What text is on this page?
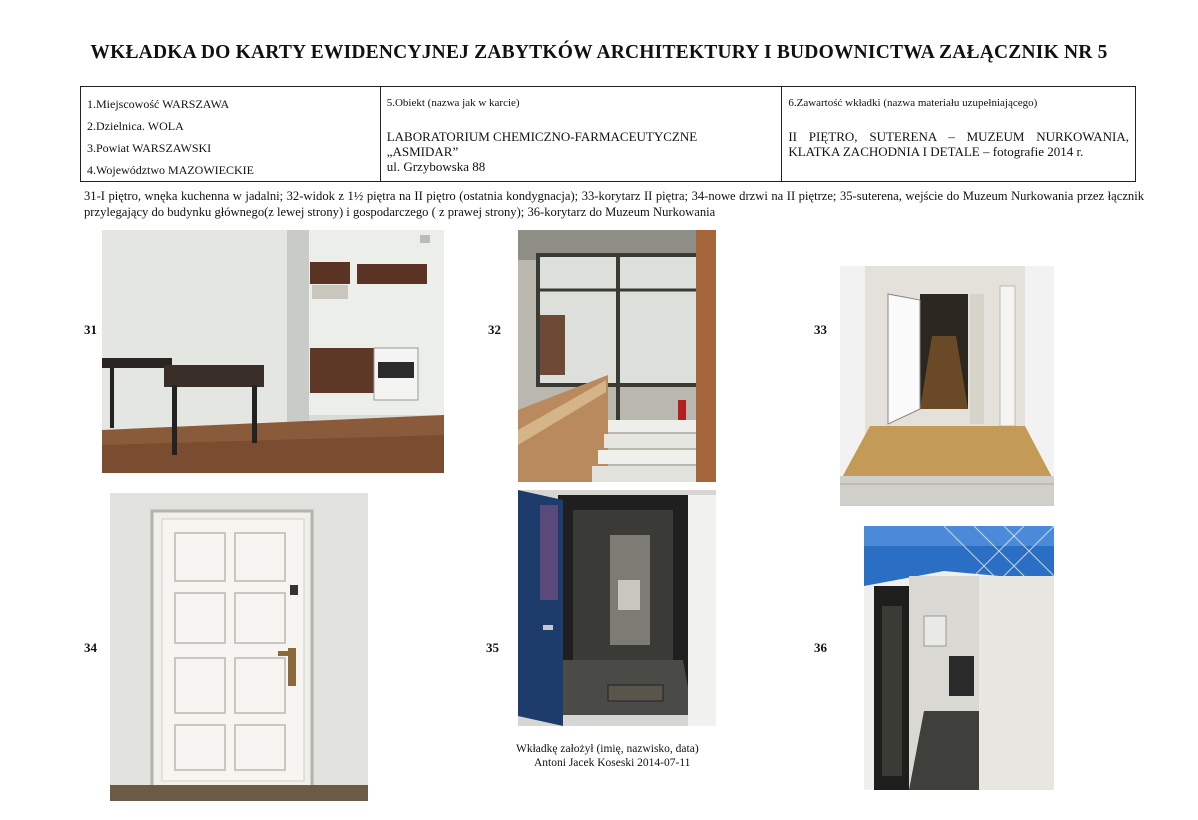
WKŁADKA DO KARTY EWIDENCYJNEJ ZABYTKÓW ARCHITEKTURY I BUDOWNICTWA ZAŁĄCZNIK NR 5
1.Miejscowość WARSZAWA
2.Dzielnica. WOLA
3.Powiat WARSZAWSKI
4.Województwo MAZOWIECKIE

5.Obiekt (nazwa jak w karcie)
LABORATORIUM CHEMICZNO-FARMACEUTYCZNE
„ASMIDAR”
ul. Grzybowska 88

6.Zawartość wkładki (nazwa materiału uzupełniającego)
II PIĘTRO, SUTERENA – MUZEUM NURKOWANIA, KLATKA ZACHODNIA I DETALE – fotografie 2014 r.
31-I piętro, wnęka kuchenna w jadalni; 32-widok z 1½ piętra na II piętro (ostatnia kondygnacja); 33-korytarz II piętra; 34-nowe drzwi na II piętrze; 35-suterena, wejście do Muzeum Nurkowania przez łącznik przylegający do budynku głównego(z lewej strony) i gospodarczego ( z prawej strony); 36-korytarz do Muzeum Nurkowania
31	32	33
34	35	36
Wkładkę założył (imię, nazwisko, data)
Antoni Jacek Koseski 2014-07-11
